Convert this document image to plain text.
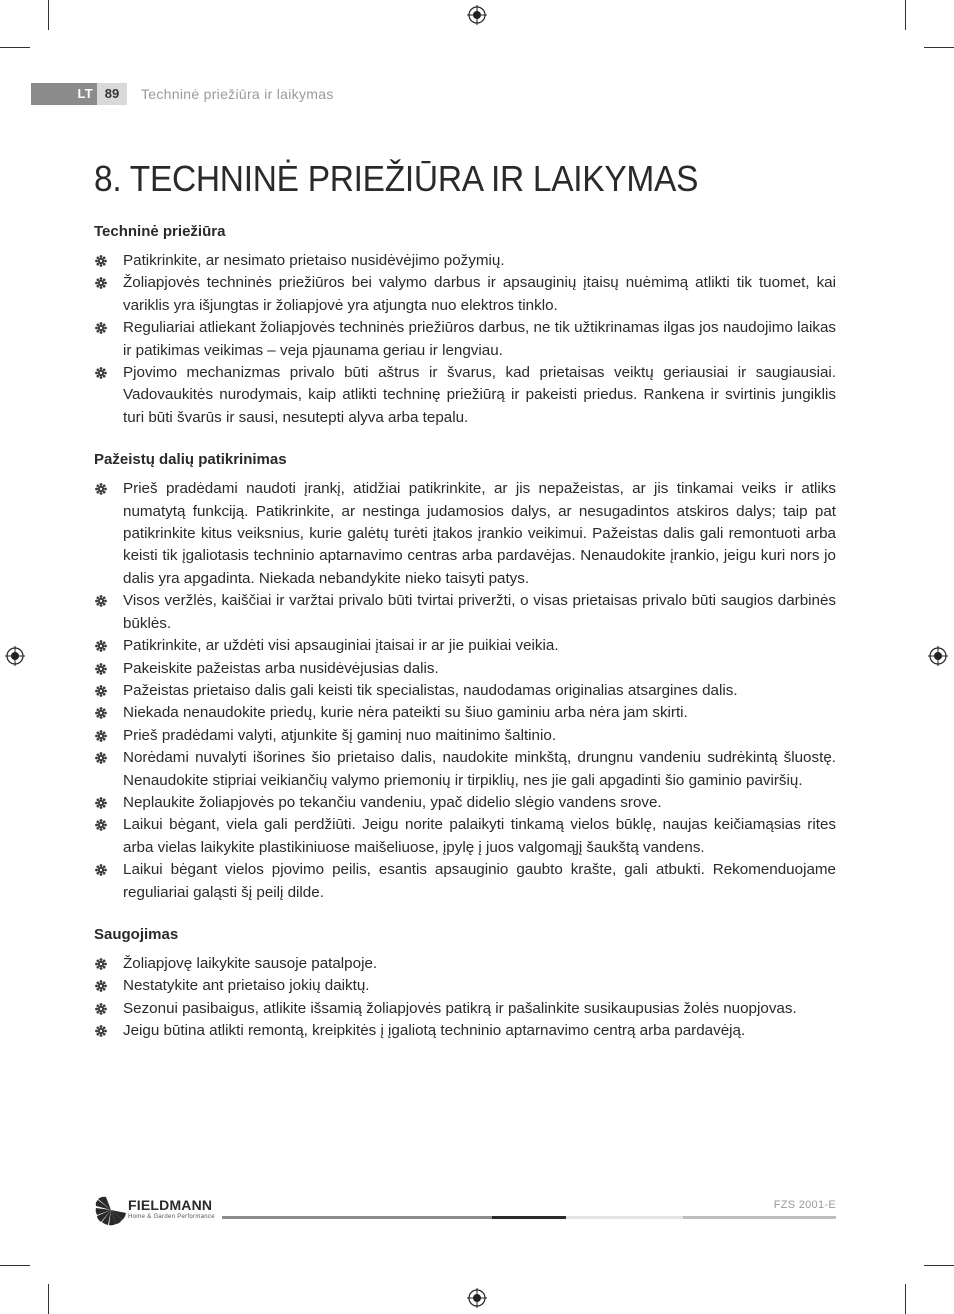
LT 89	Techninė priežiūra ir laikymas
8. TECHNINĖ PRIEŽIŪRA IR LAIKYMAS
Techninė priežiūra
Patikrinkite, ar nesimato prietaiso nusidėvėjimo požymių.
Žoliapjovės techninės priežiūros bei valymo darbus ir apsauginių įtaisų nuėmimą atlikti tik tuomet, kai variklis yra išjungtas ir žoliapjovė yra atjungta nuo elektros tinklo.
Reguliariai atliekant žoliapjovės techninės priežiūros darbus, ne tik užtikrinamas ilgas jos naudojimo laikas ir patikimas veikimas – veja pjaunama geriau ir lengviau.
Pjovimo mechanizmas privalo būti aštrus ir švarus, kad prietaisas veiktų geriausiai ir saugiausiai. Vadovaukitės nurodymais, kaip atlikti techninę priežiūrą ir pakeisti priedus. Rankena ir svirtinis jungiklis turi būti švarūs ir sausi, nesutepti alyva arba tepalu.
Pažeistų dalių patikrinimas
Prieš pradėdami naudoti įrankį, atidžiai patikrinkite, ar jis nepažeistas, ar jis tinkamai veiks ir atliks numatytą funkciją. Patikrinkite, ar nestinga judamosios dalys, ar nesugadintos atskiros dalys; taip pat patikrinkite kitus veiksnius, kurie galėtų turėti įtakos įrankio veikimui. Pažeistas dalis gali remontuoti arba keisti tik įgaliotasis techninio aptarnavimo centras arba pardavėjas. Nenaudokite įrankio, jeigu kuri nors jo dalis yra apgadinta. Niekada nebandykite nieko taisyti patys.
Visos veržlės, kaiščiai ir varžtai privalo būti tvirtai priveržti, o visas prietaisas privalo būti saugios darbinės būklės.
Patikrinkite, ar uždėti visi apsauginiai įtaisai ir ar jie puikiai veikia.
Pakeiskite pažeistas arba nusidėvėjusias dalis.
Pažeistas prietaiso dalis gali keisti tik specialistas, naudodamas originalias atsargines dalis.
Niekada nenaudokite priedų, kurie nėra pateikti su šiuo gaminiu arba nėra jam skirti.
Prieš pradėdami valyti, atjunkite šį gaminį nuo maitinimo šaltinio.
Norėdami nuvalyti išorines šio prietaiso dalis, naudokite minkštą, drungnu vandeniu sudrėkintą šluostę. Nenaudokite stipriai veikiančių valymo priemonių ir tirpiklių, nes jie gali apgadinti šio gaminio paviršių.
Neplaukite žoliapjovės po tekančiu vandeniu, ypač didelio slėgio vandens srove.
Laikui bėgant, viela gali perdžiūti. Jeigu norite palaikyti tinkamą vielos būklę, naujas keičiamąsias rites arba vielas laikykite plastikiniuose maišeliuose, įpylę į juos valgomąjį šaukštą vandens.
Laikui bėgant vielos pjovimo peilis, esantis apsauginio gaubto krašte, gali atbukti. Rekomenduojame reguliariai galąsti šį peilį dilde.
Saugojimas
Žoliapjovę laikykite sausoje patalpoje.
Nestatykite ant prietaiso jokių daiktų.
Sezonui pasibaigus, atlikite išsamią žoliapjovės patikrą ir pašalinkite susikaupusias žolės nuopjovas.
Jeigu būtina atlikti remontą, kreipkitės į įgaliotą techninio aptarnavimo centrą arba pardavėją.
FIELDMANN
Home & Garden Performance
FZS 2001-E
